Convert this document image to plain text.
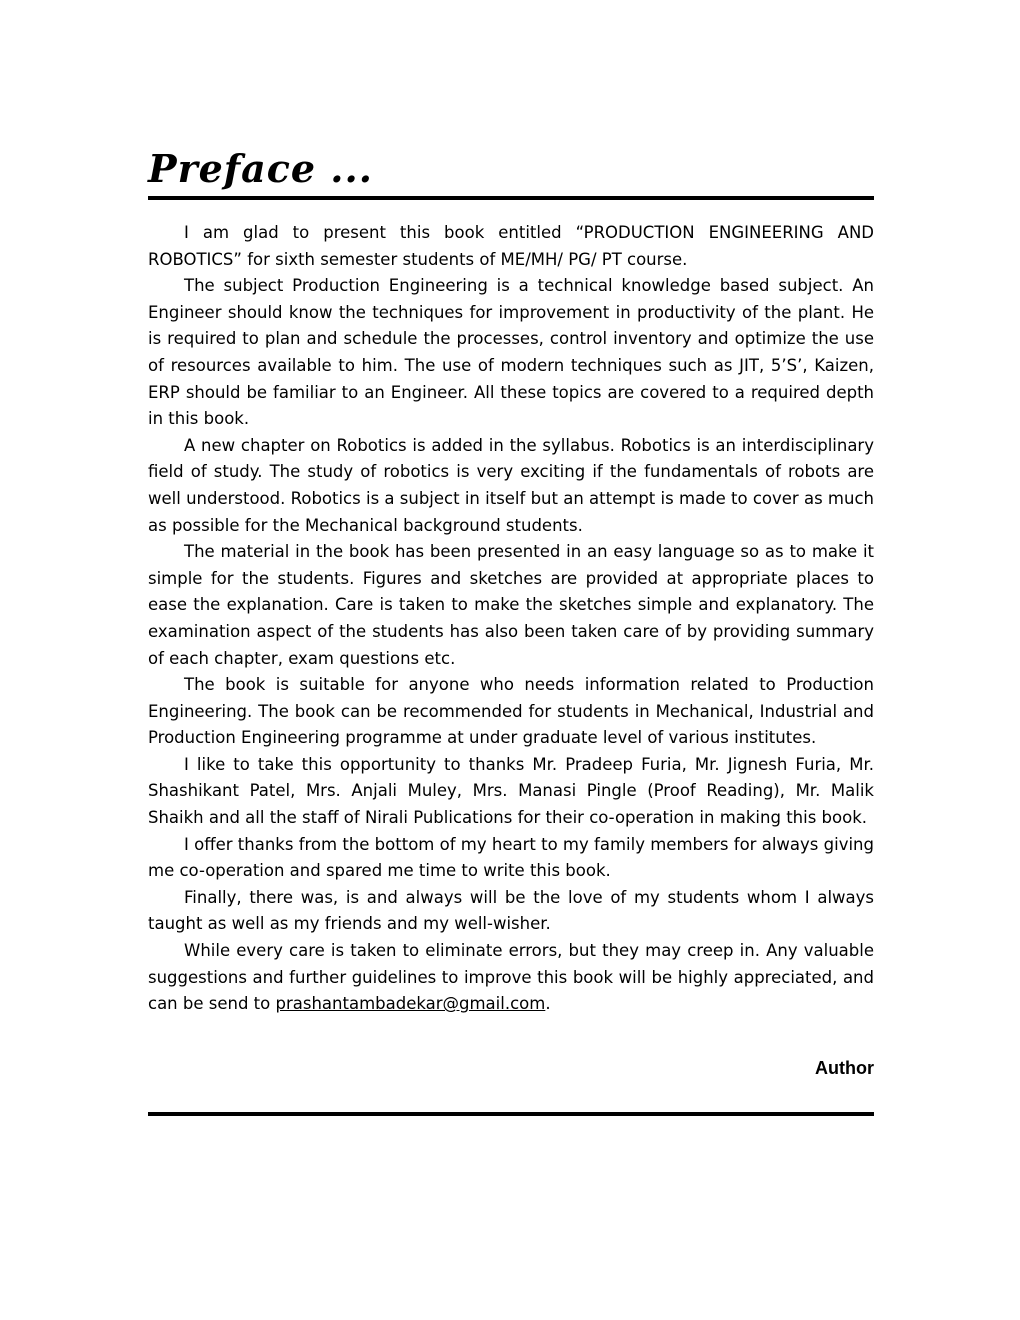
Preface ...

I am glad to present this book entitled “PRODUCTION ENGINEERING AND ROBOTICS” for sixth semester students of ME/MH/ PG/ PT course.

The subject Production Engineering is a technical knowledge based subject. An Engineer should know the techniques for improvement in productivity of the plant. He is required to plan and schedule the processes, control inventory and optimize the use of resources available to him. The use of modern techniques such as JIT, 5’S’, Kaizen, ERP should be familiar to an Engineer. All these topics are covered to a required depth in this book.

A new chapter on Robotics is added in the syllabus. Robotics is an interdisciplinary field of study. The study of robotics is very exciting if the fundamentals of robots are well understood. Robotics is a subject in itself but an attempt is made to cover as much as possible for the Mechanical background students.

The material in the book has been presented in an easy language so as to make it simple for the students. Figures and sketches are provided at appropriate places to ease the explanation. Care is taken to make the sketches simple and explanatory. The examination aspect of the students has also been taken care of by providing summary of each chapter, exam questions etc.

The book is suitable for anyone who needs information related to Production Engineering. The book can be recommended for students in Mechanical, Industrial and Production Engineering programme at under graduate level of various institutes.

I like to take this opportunity to thanks Mr. Pradeep Furia, Mr. Jignesh Furia, Mr. Shashikant Patel, Mrs. Anjali Muley, Mrs. Manasi Pingle (Proof Reading), Mr. Malik Shaikh and all the staff of Nirali Publications for their co-operation in making this book.

I offer thanks from the bottom of my heart to my family members for always giving me co-operation and spared me time to write this book.

Finally, there was, is and always will be the love of my students whom I always taught as well as my friends and my well-wisher.

While every care is taken to eliminate errors, but they may creep in. Any valuable suggestions and further guidelines to improve this book will be highly appreciated, and can be send to prashantambadekar@gmail.com.

Author
